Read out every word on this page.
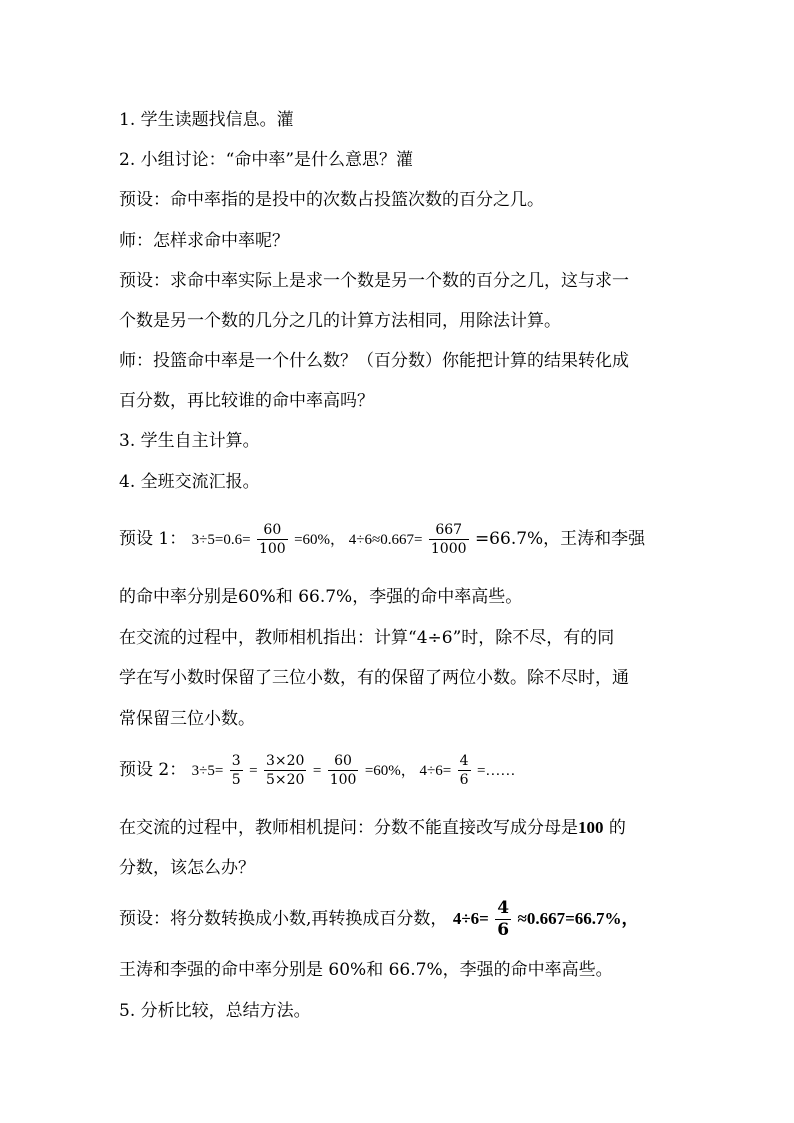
1. 学生读题找信息。灌
2. 小组讨论：“命中率”是什么意思？灌
预设：命中率指的是投中的次数占投篮次数的百分之几。
师：怎样求命中率呢？
预设：求命中率实际上是求一个数是另一个数的百分之几，这与求一
个数是另一个数的几分之几的计算方法相同，用除法计算。
师：投篮命中率是一个什么数？（百分数）你能把计算的结果转化成
百分数，再比较谁的命中率高吗？
3. 学生自主计算。
4. 全班交流汇报。
预设 1： $3\div 5=0.6= \frac{60}{100} =60\%$， $4\div 6\approx 0.667= \frac{667}{1000} =66.7\%$，王涛和李强
的命中率分别是60%和 66.7%，李强的命中率高些。
在交流的过程中，教师相机指出：计算“4÷6”时，除不尽，有的同
学在写小数时保留了三位小数，有的保留了两位小数。除不尽时，通
常保留三位小数。
预设 2： $3\div 5= \frac{3}{5} = \frac{3\times 20}{5\times 20} = \frac{60}{100} =60\%$， $4\div 6= \frac{4}{6}$ =……
在交流的过程中，教师相机提问：分数不能直接改写成分母是100 的
分数，该怎么办？
预设：将分数转换成小数,再转换成百分数， $4\div 6= \frac{4}{6} \approx 0.667=66.7\%$，
王涛和李强的命中率分别是 60%和 66.7%，李强的命中率高些。
5. 分析比较，总结方法。
